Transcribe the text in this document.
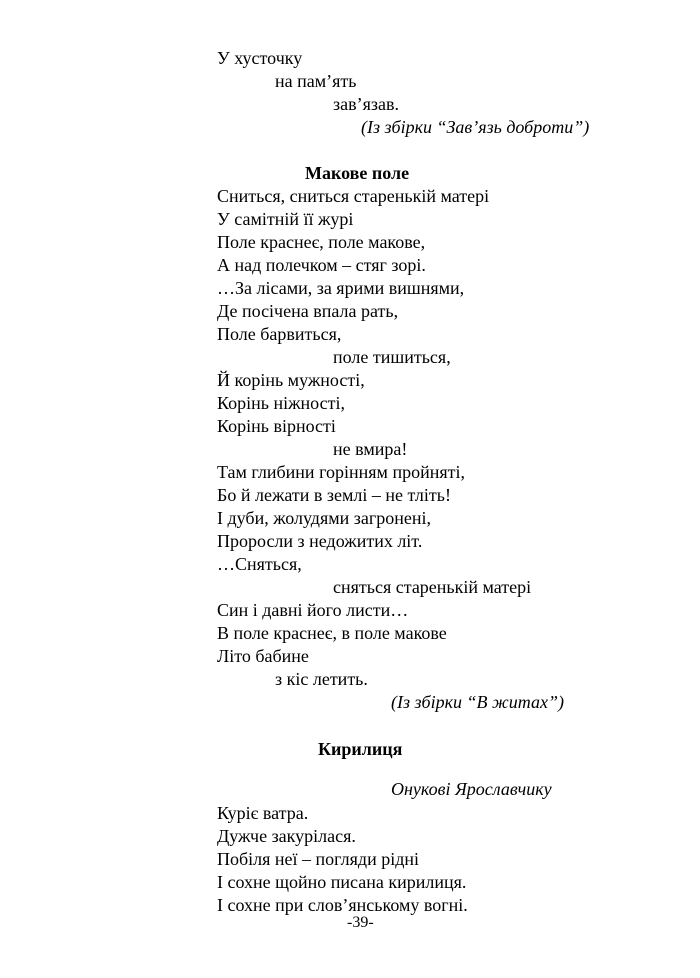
У хусточку
на пам’ять
зав’язав.
(Із збірки “Зав’язь доброти”)
Макове поле
Сниться, сниться старенькій матері
У самітній її журі
Поле краснеє, поле макове,
А над полечком – стяг зорі.
…За лісами, за ярими вишнями,
Де посічена впала рать,
Поле барвиться,
поле тишиться,
Й корінь мужності,
Корінь ніжності,
Корінь вірності
не вмира!
Там глибини горінням пройняті,
Бо й лежати в землі – не тліть!
І дуби, жолудями загронені,
Проросли з недожитих літ.
…Сняться,
сняться старенькій матері
Син і давні його листи…
В поле краснеє, в поле макове
Літо бабине
з кіс летить.
(Із збірки “В житах”)
Кирилиця
Онукові Ярославчику
Куріє ватра.
Дужче закурілася.
Побіля неї – погляди рідні
І сохне щойно писана кирилиця.
І сохне при слов’янському вогні.
-39-
